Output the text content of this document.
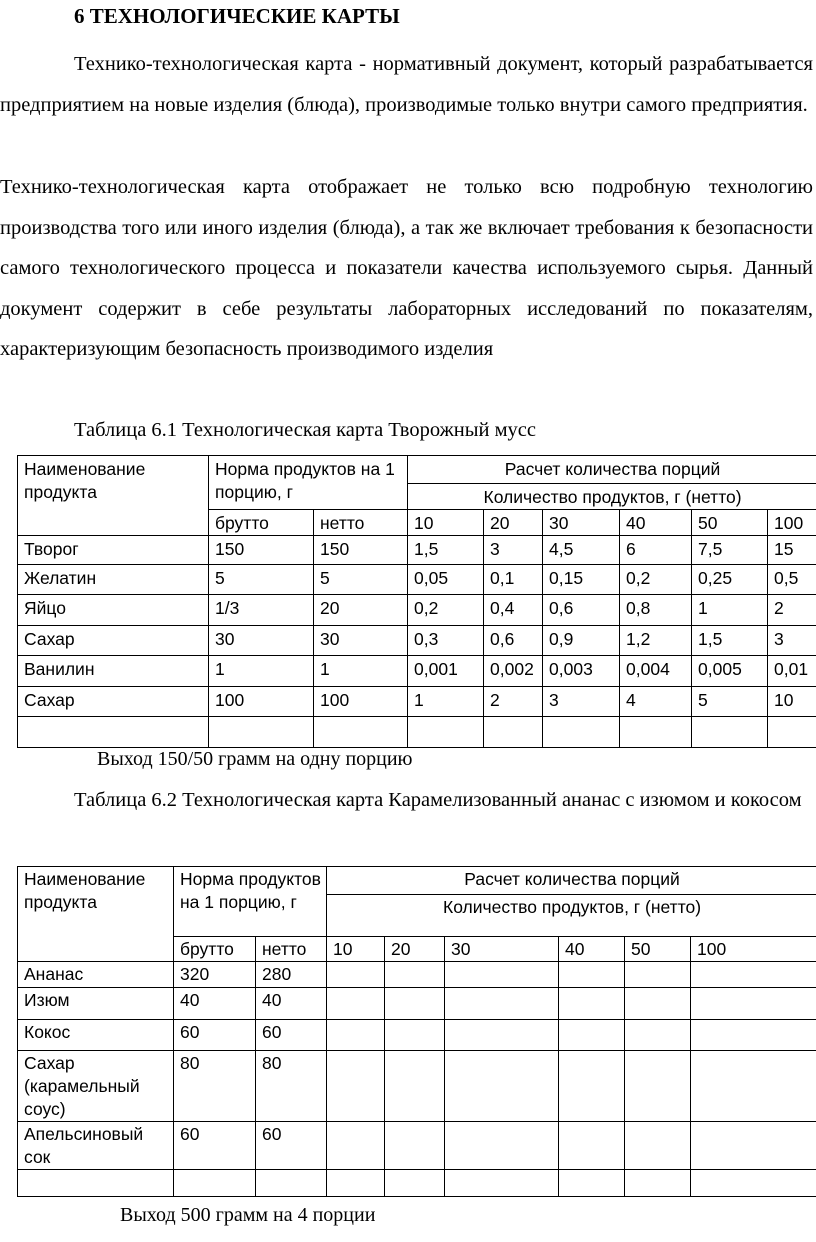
6 ТЕХНОЛОГИЧЕСКИЕ КАРТЫ
Технико-технологическая карта - нормативный документ, который разрабатывается предприятием на новые изделия (блюда), производимые только внутри самого предприятия.
Технико-технологическая карта отображает не только всю подробную технологию производства того или иного изделия (блюда), а так же включает требования к безопасности самого технологического процесса и показатели качества используемого сырья. Данный документ содержит в себе результаты лабораторных исследований по показателям, характеризующим безопасность производимого изделия
Таблица 6.1 Технологическая карта Творожный мусс
Наименование продукта	Норма продуктов на 1 порцию, г		Расчет количества порций					
			Количество продуктов, г (нетто)					
	брутто	нетто	10	20	30	40	50	100
Творог	150	150	1,5	3	4,5	6	7,5	15
Желатин	5	5	0,05	0,1	0,15	0,2	0,25	0,5
Яйцо	1/3	20	0,2	0,4	0,6	0,8	1	2
Сахар	30	30	0,3	0,6	0,9	1,2	1,5	3
Ванилин	1	1	0,001	0,002	0,003	0,004	0,005	0,01
Сахар	100	100	1	2	3	4	5	10

Выход 150/50 грамм на одну порцию
Таблица 6.2 Технологическая карта Карамелизованный ананас с изюмом и кокосом
Наименование продукта	Норма продуктов на 1 порцию, г		Расчет количества порций					
			Количество продуктов, г (нетто)					
	брутто	нетто	10	20	30	40	50	100
Ананас	320	280						
Изюм	40	40						
Кокос	60	60						
Сахар (карамельный соус)	80	80						
Апельсиновый сок	60	60						

Выход 500 грамм на 4 порции
